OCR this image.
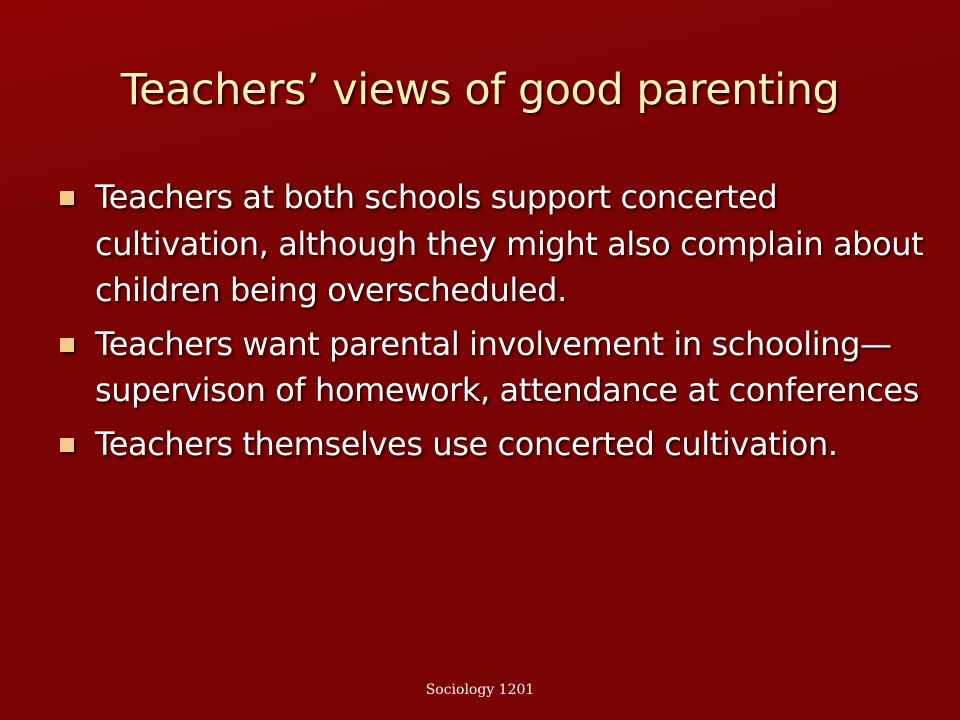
Teachers’ views of good parenting
Teachers at both schools support concerted cultivation, although they might also complain about children being overscheduled.
Teachers want parental involvement in schooling—supervison of homework, attendance at conferences
Teachers themselves use concerted cultivation.
Sociology 1201
